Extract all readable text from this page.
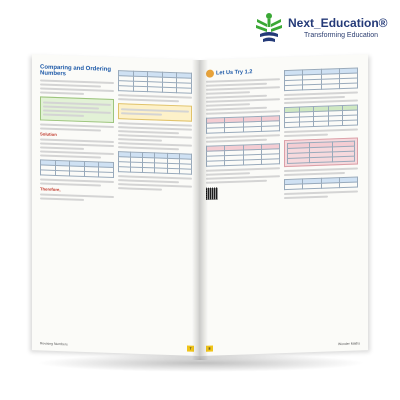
Next_Education®
Transforming Education
Comparing and Ordering Numbers
Solution

Therefore,

Revising Numbers
7
Let Us Try 1.2

8
Wonder Maths
